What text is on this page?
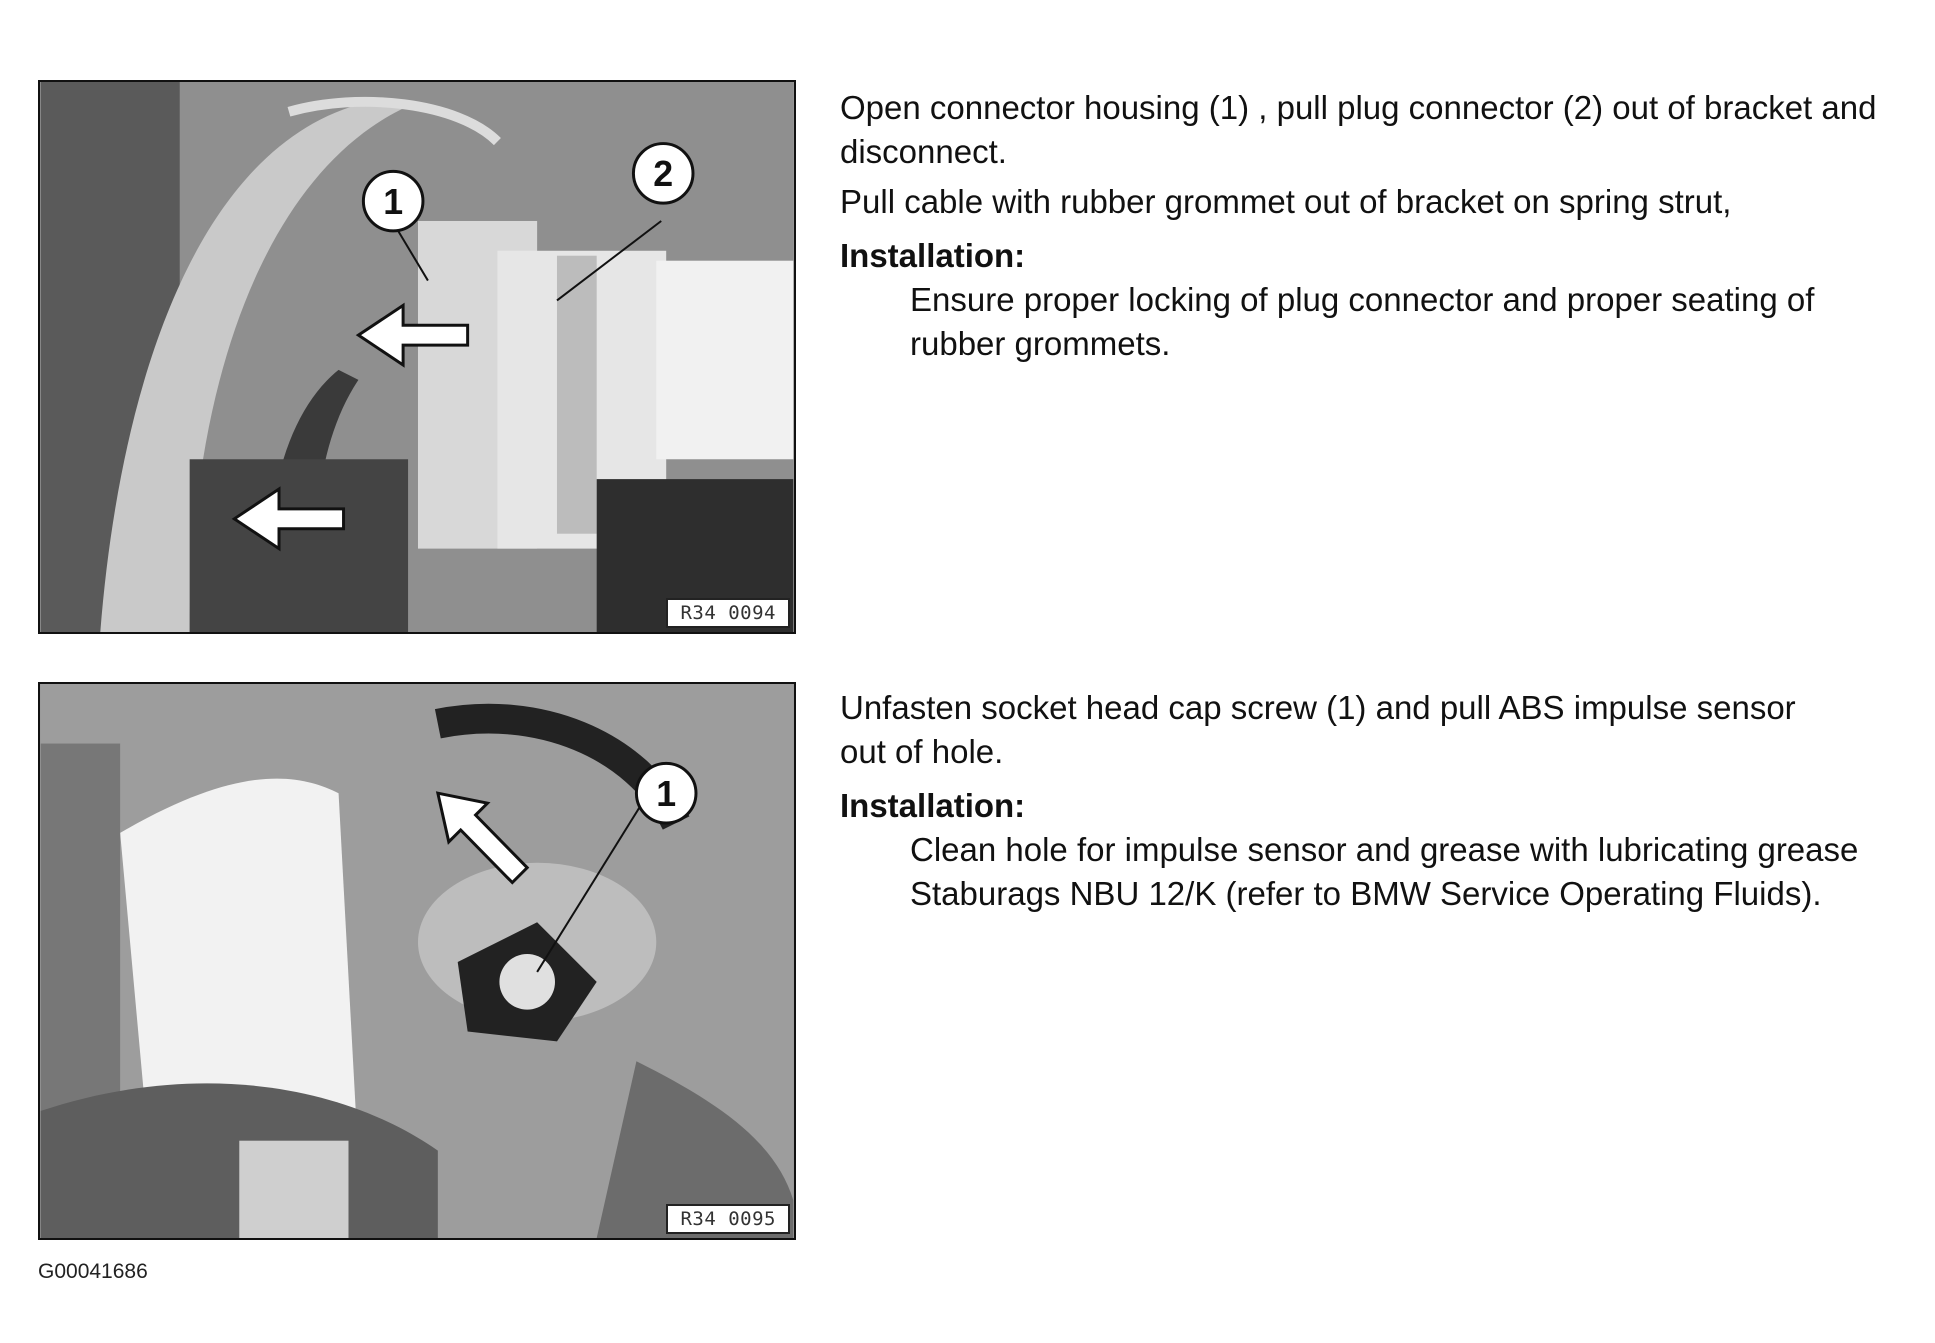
1
2
R34 0094

Open connector housing (1) , pull plug connector (2) out of bracket and disconnect.

Pull cable with rubber grommet out of bracket on spring strut,

Installation:

Ensure proper locking of plug connector and proper seating of rubber grommets.

1
R34 0095

Unfasten socket head cap screw (1) and pull ABS impulse sensor out of hole.

Installation:

Clean hole for impulse sensor and grease with lubricating grease Staburags NBU 12/K (refer to BMW Service Operating Fluids).

G00041686
